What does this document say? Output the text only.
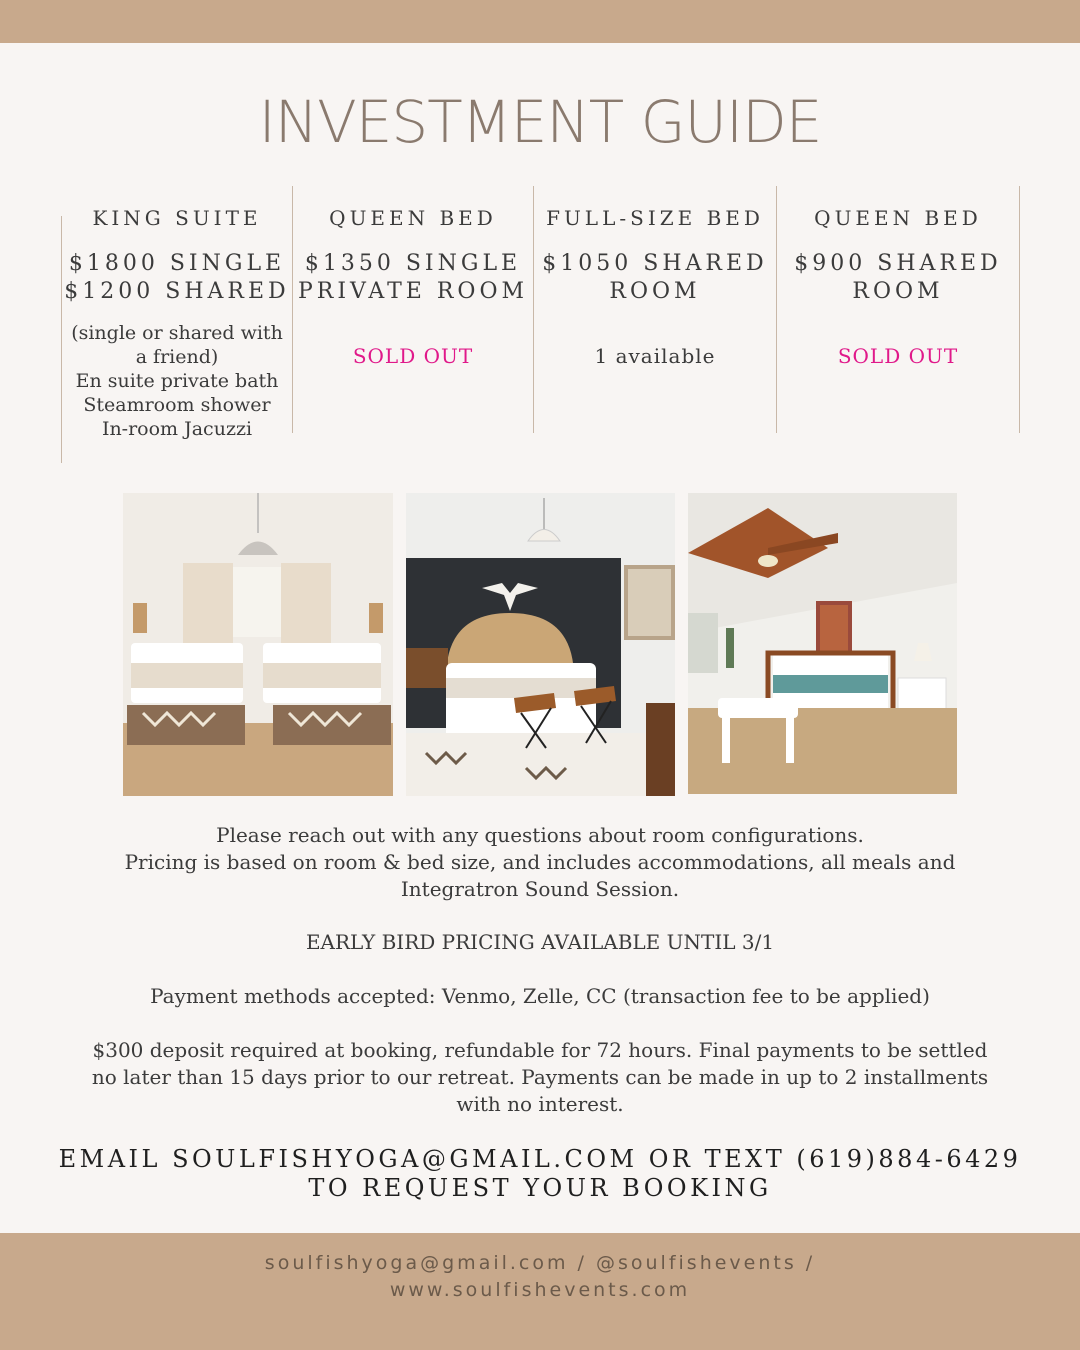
INVESTMENT GUIDE
KING SUITE
$1800 SINGLE
$1200 SHARED
(single or shared with
a friend)
En suite private bath
Steamroom shower
In-room Jacuzzi
QUEEN BED
$1350 SINGLE
PRIVATE ROOM
SOLD OUT
FULL-SIZE BED
$1050 SHARED
ROOM
1 available
QUEEN BED
$900 SHARED
ROOM
SOLD OUT
Please reach out with any questions about room configurations.
Pricing is based on room & bed size, and includes accommodations, all meals and
Integratron Sound Session.
EARLY BIRD PRICING AVAILABLE UNTIL 3/1
Payment methods accepted: Venmo, Zelle, CC (transaction fee to be applied)
$300 deposit required at booking, refundable for 72 hours. Final payments to be settled
no later than 15 days prior to our retreat. Payments can be made in up to 2 installments
with no interest.
EMAIL SOULFISHYOGA@GMAIL.COM OR TEXT (619)884-6429
TO REQUEST YOUR BOOKING
soulfishyoga@gmail.com / @soulfishevents /
www.soulfishevents.com
